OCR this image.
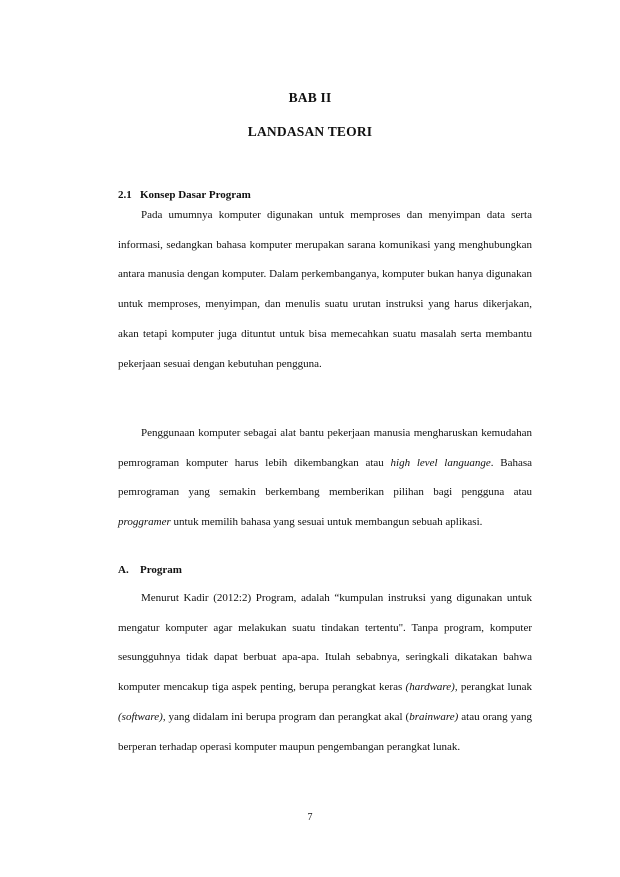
BAB II
LANDASAN TEORI
2.1 Konsep Dasar Program

Pada umumnya komputer digunakan untuk memproses dan menyimpan data serta informasi, sedangkan bahasa komputer merupakan sarana komunikasi yang menghubungkan antara manusia dengan komputer. Dalam perkembanganya, komputer bukan hanya digunakan untuk memproses, menyimpan, dan menulis suatu urutan instruksi yang harus dikerjakan, akan tetapi komputer juga dituntut untuk bisa memecahkan suatu masalah serta membantu pekerjaan sesuai dengan kebutuhan pengguna.

Penggunaan komputer sebagai alat bantu pekerjaan manusia mengharuskan kemudahan pemrograman komputer harus lebih dikembangkan atau high level languange. Bahasa pemrograman yang semakin berkembang memberikan pilihan bagi pengguna atau proggramer untuk memilih bahasa yang sesuai untuk membangun sebuah aplikasi.

A. Program

Menurut Kadir (2012:2) Program, adalah “kumpulan instruksi yang digunakan untuk mengatur komputer agar melakukan suatu tindakan tertentu". Tanpa program, komputer sesungguhnya tidak dapat berbuat apa-apa. Itulah sebabnya, seringkali dikatakan bahwa komputer mencakup tiga aspek penting, berupa perangkat keras (hardware), perangkat lunak (software), yang didalam ini berupa program dan perangkat akal (brainware) atau orang yang berperan terhadap operasi komputer maupun pengembangan perangkat lunak.

7
